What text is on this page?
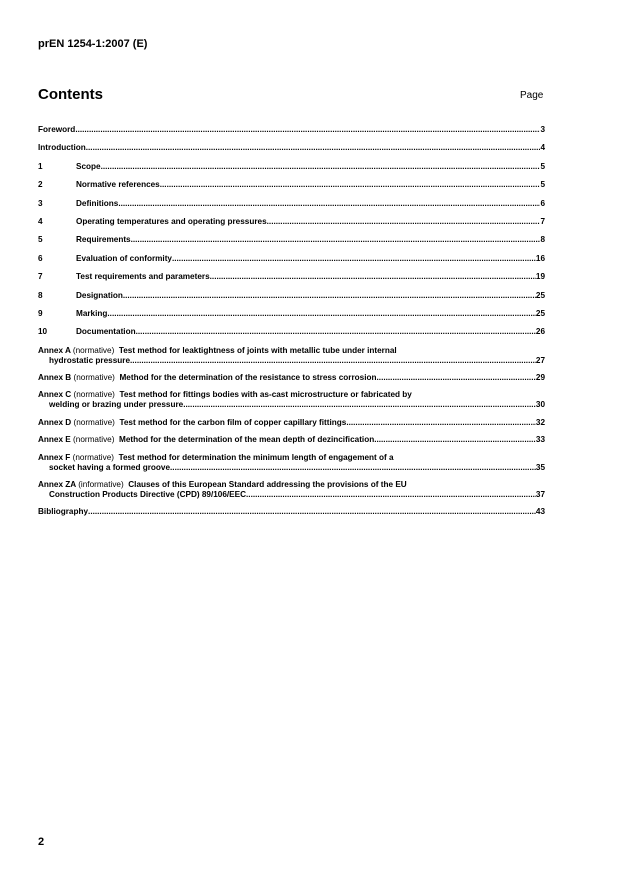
prEN 1254-1:2007 (E)
Contents	Page
Foreword .....	3
Introduction .....	4
1	Scope .....	5
2	Normative references .....	5
3	Definitions .....	6
4	Operating temperatures and operating pressures .....	7
5	Requirements .....	8
6	Evaluation of conformity .....	16
7	Test requirements and parameters .....	19
8	Designation .....	25
9	Marking .....	25
10	Documentation .....	26
Annex A (normative) Test method for leaktightness of joints with metallic tube under internal
hydrostatic pressure .....	27
Annex B (normative) Method for the determination of the resistance to stress corrosion .....	29
Annex C (normative) Test method for fittings bodies with as-cast microstructure or fabricated by
welding or brazing under pressure .....	30
Annex D (normative) Test method for the carbon film of copper capillary fittings .....	32
Annex E (normative) Method for the determination of the mean depth of dezincification .....	33
Annex F (normative) Test method for determination the minimum length of engagement of a
socket having a formed groove .....	35
Annex ZA (informative) Clauses of this European Standard addressing the provisions of the EU
Construction Products Directive (CPD) 89/106/EEC .....	37
Bibliography .....	43
2
